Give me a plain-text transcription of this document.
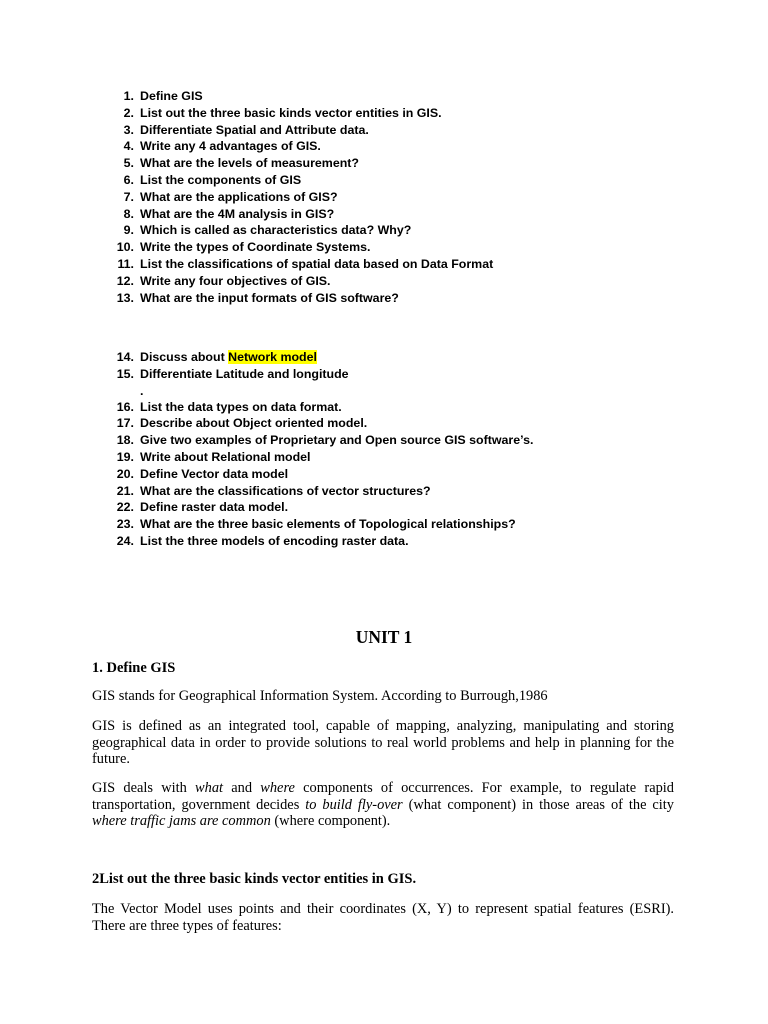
1. Define GIS
2. List out the three basic kinds vector entities in GIS.
3. Differentiate Spatial and Attribute data.
4. Write any 4 advantages of GIS.
5. What are the levels of measurement?
6. List the components of GIS
7. What are the applications of GIS?
8. What are the 4M analysis in GIS?
9. Which is called as characteristics data? Why?
10. Write the types of Coordinate Systems.
11. List the classifications of spatial data based on Data Format
12. Write any four objectives of GIS.
13. What are the input formats of GIS software?
14. Discuss about Network model
15. Differentiate Latitude and longitude
.
16. List the data types on data format.
17. Describe about Object oriented model.
18. Give two examples of Proprietary and Open source GIS software’s.
19. Write about Relational model
20. Define Vector data model
21. What are the classifications of vector structures?
22. Define raster data model.
23. What are the three basic elements of Topological relationships?
24. List the three models of encoding raster data.
UNIT 1
1. Define GIS

GIS stands for Geographical Information System. According to Burrough,1986

GIS is defined as an integrated tool, capable of mapping, analyzing, manipulating and storing geographical data in order to provide solutions to real world problems and help in planning for the future.

GIS deals with what and where components of occurrences. For example, to regulate rapid transportation, government decides to build fly-over (what component) in those areas of the city where traffic jams are common (where component).

2List out the three basic kinds vector entities in GIS.

The Vector Model uses points and their coordinates (X, Y) to represent spatial features (ESRI). There are three types of features:
